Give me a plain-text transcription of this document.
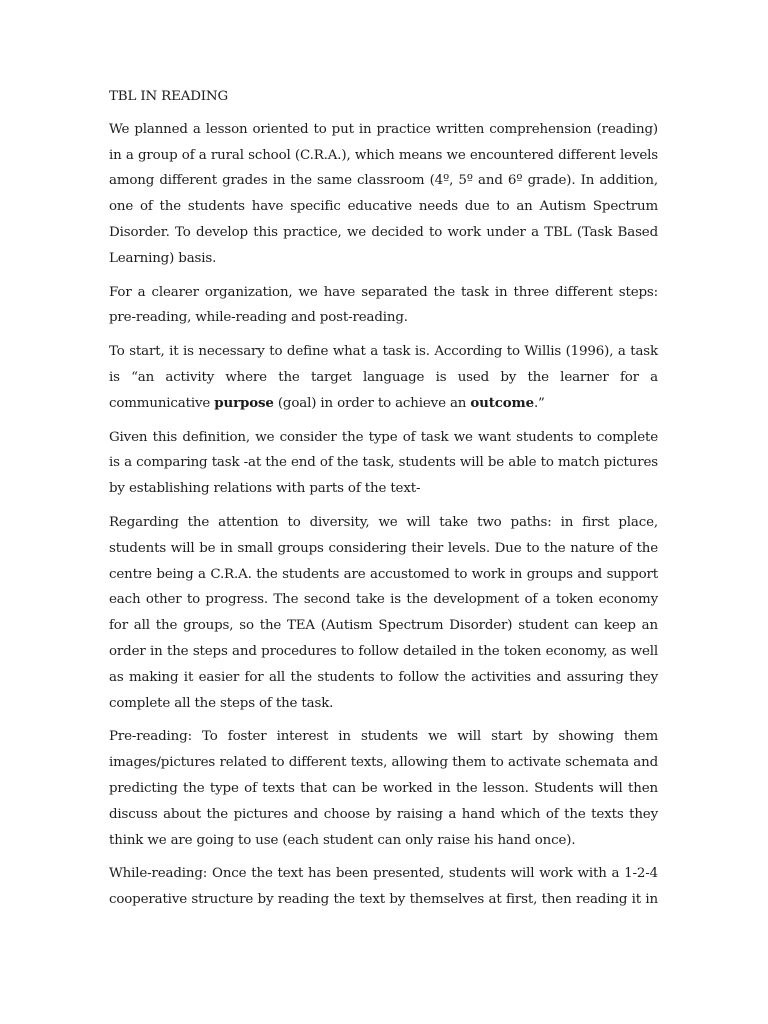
TBL IN READING

We planned a lesson oriented to put in practice written comprehension (reading) in a group of a rural school (C.R.A.), which means we encountered different levels among different grades in the same classroom (4º, 5º and 6º grade). In addition, one of the students have specific educative needs due to an Autism Spectrum Disorder. To develop this practice, we decided to work under a TBL (Task Based Learning) basis.

For a clearer organization, we have separated the task in three different steps: pre-reading, while-reading and post-reading.

To start, it is necessary to define what a task is. According to Willis (1996), a task is “an activity where the target language is used by the learner for a communicative purpose (goal) in order to achieve an outcome.”

Given this definition, we consider the type of task we want students to complete is a comparing task -at the end of the task, students will be able to match pictures by establishing relations with parts of the text-

Regarding the attention to diversity, we will take two paths: in first place, students will be in small groups considering their levels. Due to the nature of the centre being a C.R.A. the students are accustomed to work in groups and support each other to progress. The second take is the development of a token economy for all the groups, so the TEA (Autism Spectrum Disorder) student can keep an order in the steps and procedures to follow detailed in the token economy, as well as making it easier for all the students to follow the activities and assuring they complete all the steps of the task.

Pre-reading: To foster interest in students we will start by showing them images/pictures related to different texts, allowing them to activate schemata and predicting the type of texts that can be worked in the lesson. Students will then discuss about the pictures and choose by raising a hand which of the texts they think we are going to use (each student can only raise his hand once).

While-reading: Once the text has been presented, students will work with a 1-2-4 cooperative structure by reading the text by themselves at first, then reading it in
